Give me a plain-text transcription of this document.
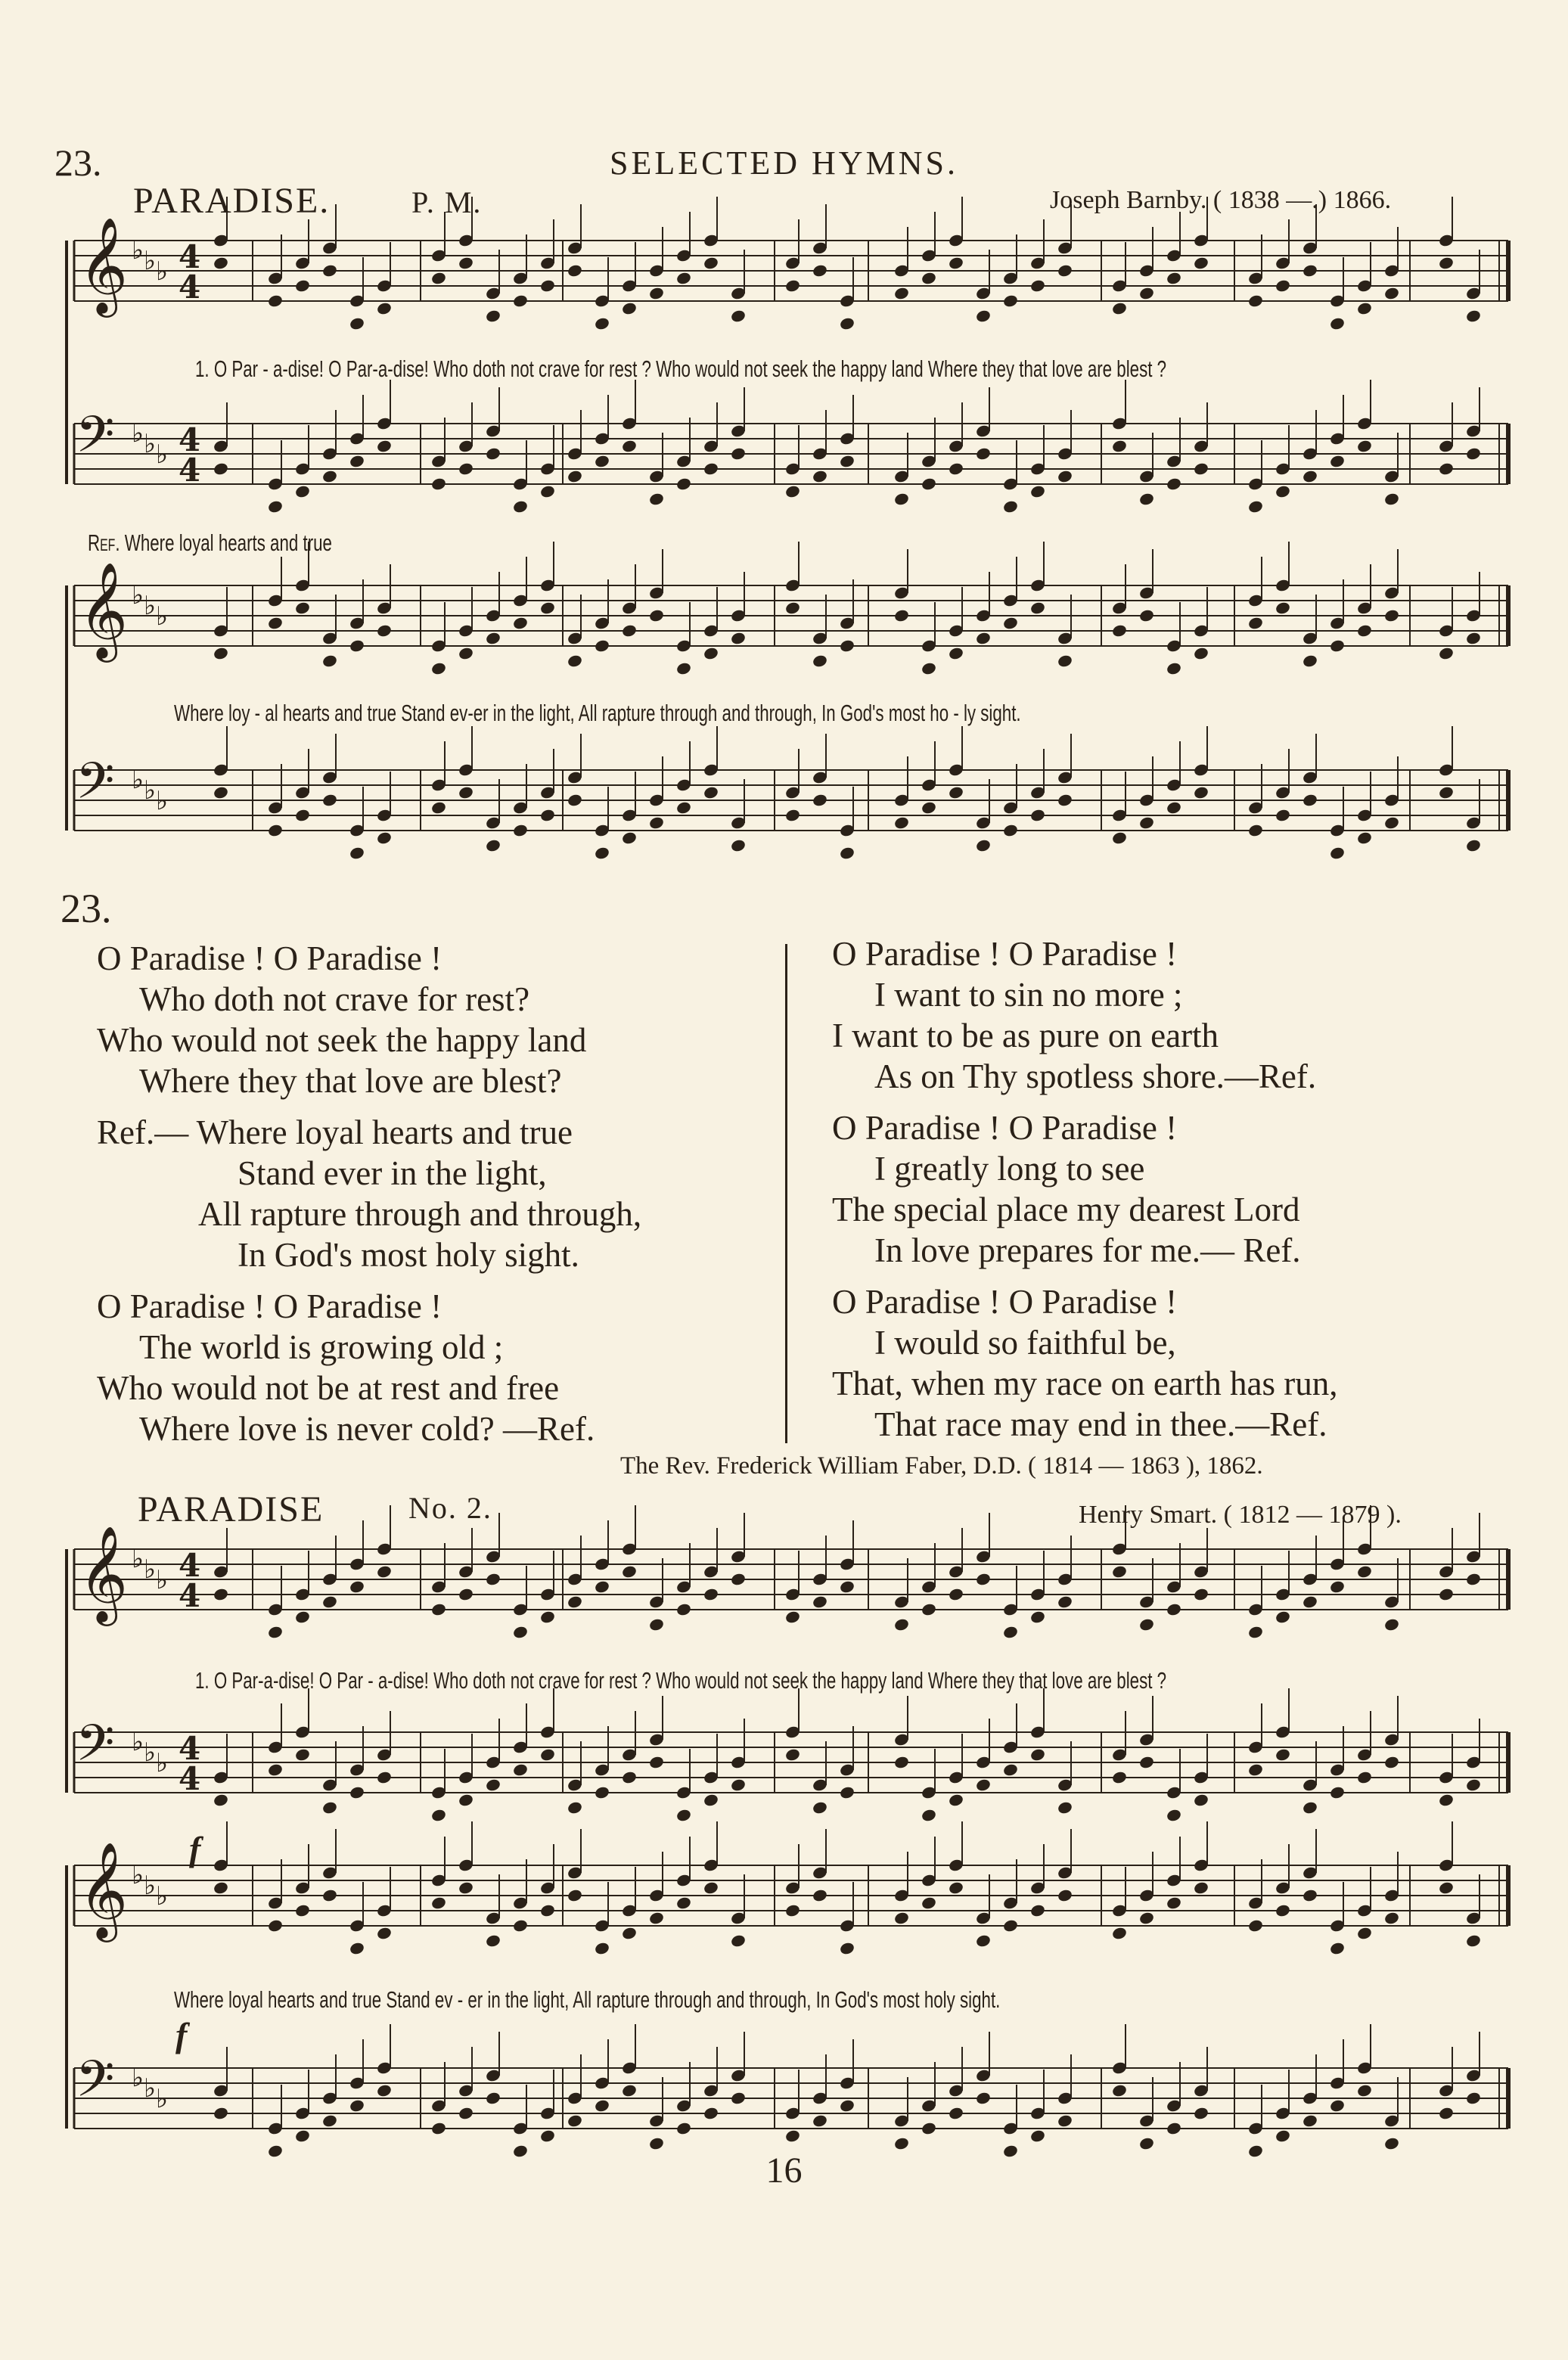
23.	SELECTED HYMNS.
PARADISE.	P. M.	Joseph Barnby. ( 1838 —.) 1866.
𝄞 ♭ ♭ ♭ 4
4
𝄢 ♭ ♭ ♭ 4
4
𝄞 ♭ ♭ ♭
𝄢 ♭ ♭ ♭
𝄞 ♭ ♭ ♭ 4
4
𝄢 ♭ ♭ ♭ 4
4
𝄞 ♭ ♭ ♭
𝄢 ♭ ♭ ♭
1. O Par - a-dise! O Par-a-dise! Who doth not crave for rest ? Who would not seek the happy land Where they that love are blest ?
Ref. Where loyal hearts and true
Where loy - al hearts and true Stand ev-er in the light, All rapture through and through, In God's most ho - ly sight.
23.
O Paradise ! O Paradise !
Who doth not crave for rest?
Who would not seek the happy land
Where they that love are blest?
Ref.— Where loyal hearts and true
Stand ever in the light,
All rapture through and through,
In God's most holy sight.
O Paradise ! O Paradise !
The world is growing old ;
Who would not be at rest and free
Where love is never cold? —Ref.
O Paradise ! O Paradise !
I want to sin no more ;
I want to be as pure on earth
As on Thy spotless shore.—Ref.
O Paradise ! O Paradise !
I greatly long to see
The special place my dearest Lord
In love prepares for me.— Ref.
O Paradise ! O Paradise !
I would so faithful be,
That, when my race on earth has run,
That race may end in thee.—Ref.
The Rev. Frederick William Faber, D.D. ( 1814 — 1863 ), 1862.
PARADISE	No. 2.	Henry Smart. ( 1812 — 1879 ).
1. O Par-a-dise! O Par - a-dise! Who doth not crave for rest ? Who would not seek the happy land Where they that love are blest ?
f
Where loyal hearts and true Stand ev - er in the light, All rapture through and through, In God's most holy sight.
f
16
